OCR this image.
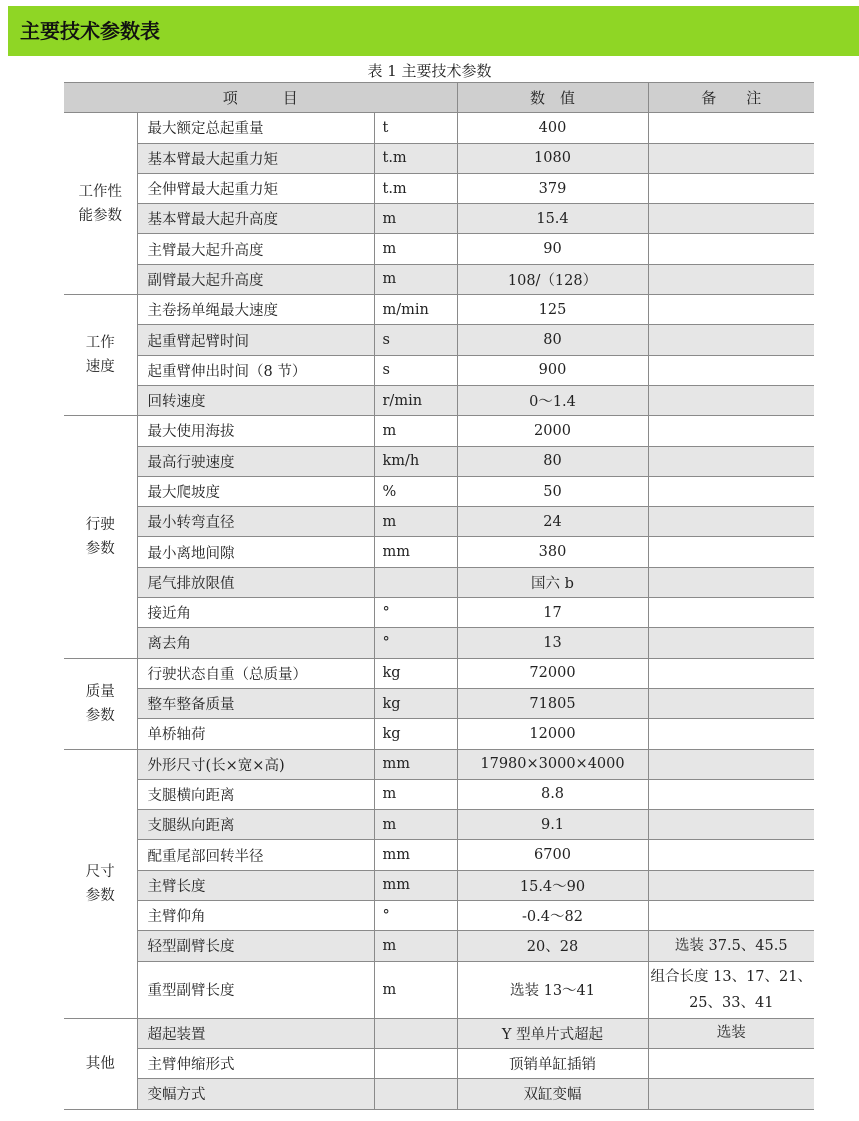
主要技术参数表
表 1 主要技术参数
项　　　目			数　值	备　　注

工作性
能参数	最大额定总起重量	t	400	
	基本臂最大起重力矩	t.m	1080	
	全伸臂最大起重力矩	t.m	379	
	基本臂最大起升高度	m	15.4	
	主臂最大起升高度	m	90	
	副臂最大起升高度	m	108/（128）	

工作
速度	主卷扬单绳最大速度	m/min	125	
	起重臂起臂时间	s	80	
	起重臂伸出时间（8 节）	s	900	
	回转速度	r/min	0～1.4	

行驶
参数	最大使用海拔	m	2000	
	最高行驶速度	km/h	80	
	最大爬坡度	%	50	
	最小转弯直径	m	24	
	最小离地间隙	mm	380	
	尾气排放限值		国六 b	
	接近角	°	17	
	离去角	°	13	

质量
参数	行驶状态自重（总质量）	kg	72000	
	整车整备质量	kg	71805	
	单桥轴荷	kg	12000	

尺寸
参数	外形尺寸(长×宽×高)	mm	17980×3000×4000	
	支腿横向距离	m	8.8	
	支腿纵向距离	m	9.1	
	配重尾部回转半径	mm	6700	
	主臂长度	mm	15.4～90	
	主臂仰角	°	-0.4～82	
	轻型副臂长度	m	20、28	选装 37.5、45.5
	重型副臂长度	m	选装 13～41	组合长度 13、17、21、25、33、41

其他	超起装置		Y 型单片式超起	选装
	主臂伸缩形式		顶销单缸插销	
	变幅方式		双缸变幅	
